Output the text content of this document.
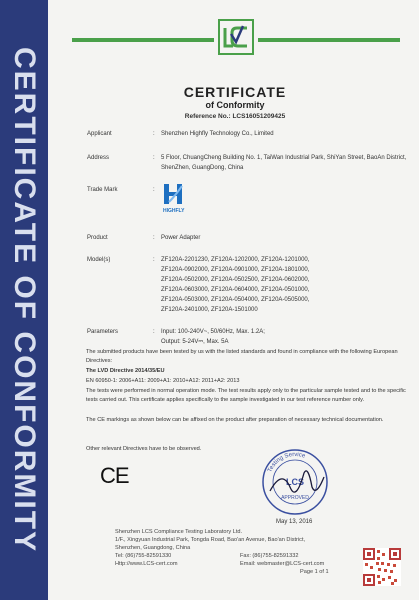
CERTIFICATE OF CONFORMITY	CERTIFICATE
of Conformity
Reference No.: LCS16051209425
Applicant	: Shenzhen Highfly Technology Co., Limited
Address	: 5 Floor, ChuangCheng Building No. 1, TaiWan Industrial Park, ShiYan Street, BaoAn District, ShenZhen, GuangDong, China
Trade Mark	:
HIGHFLY
Product	: Power Adapter
Model(s)	: ZF120A-2201230, ZF120A-1202000, ZF120A-1201000,
ZF120A-0902000, ZF120A-0901000, ZF120A-1801000,
ZF120A-0502000, ZF120A-0502500, ZF120A-0602000,
ZF120A-0603000, ZF120A-0604000, ZF120A-0501000,
ZF120A-0503000, ZF120A-0504000, ZF120A-0505000,
ZF120A-2401000, ZF120A-1501000
Parameters	: Input: 100-240V~, 50/60Hz, Max. 1.2A;
Output: 5-24V⎓, Max. 5A
The submitted products have been tested by us with the listed standards and found in compliance with the following European Directives:
The LVD Directive 2014/35/EU
EN 60950-1: 2006+A11: 2009+A1: 2010+A12: 2011+A2: 2013
The tests were performed in normal operation mode. The test results apply only to the particular sample tested and to the specific tests carried out. This certificate applies specifically to the sample investigated in our test reference number only.
The CE markings as shown below can be affixed on the product after preparation of necessary technical documentation.
Other relevant Directives have to be observed.
CE	Testing Service
LCS
APPROVED
May 13, 2016
Shenzhen LCS Compliance Testing Laboratory Ltd.
1/F., Xingyuan Industrial Park, Tongda Road, Bao'an Avenue, Bao'an District,
Shenzhen, Guangdong, China
Tel: (86)755-82591330
Http://www.LCS-cert.com
Fax: (86)755-82591332
Email: webmaster@LCS-cert.com
Page 1 of 1
